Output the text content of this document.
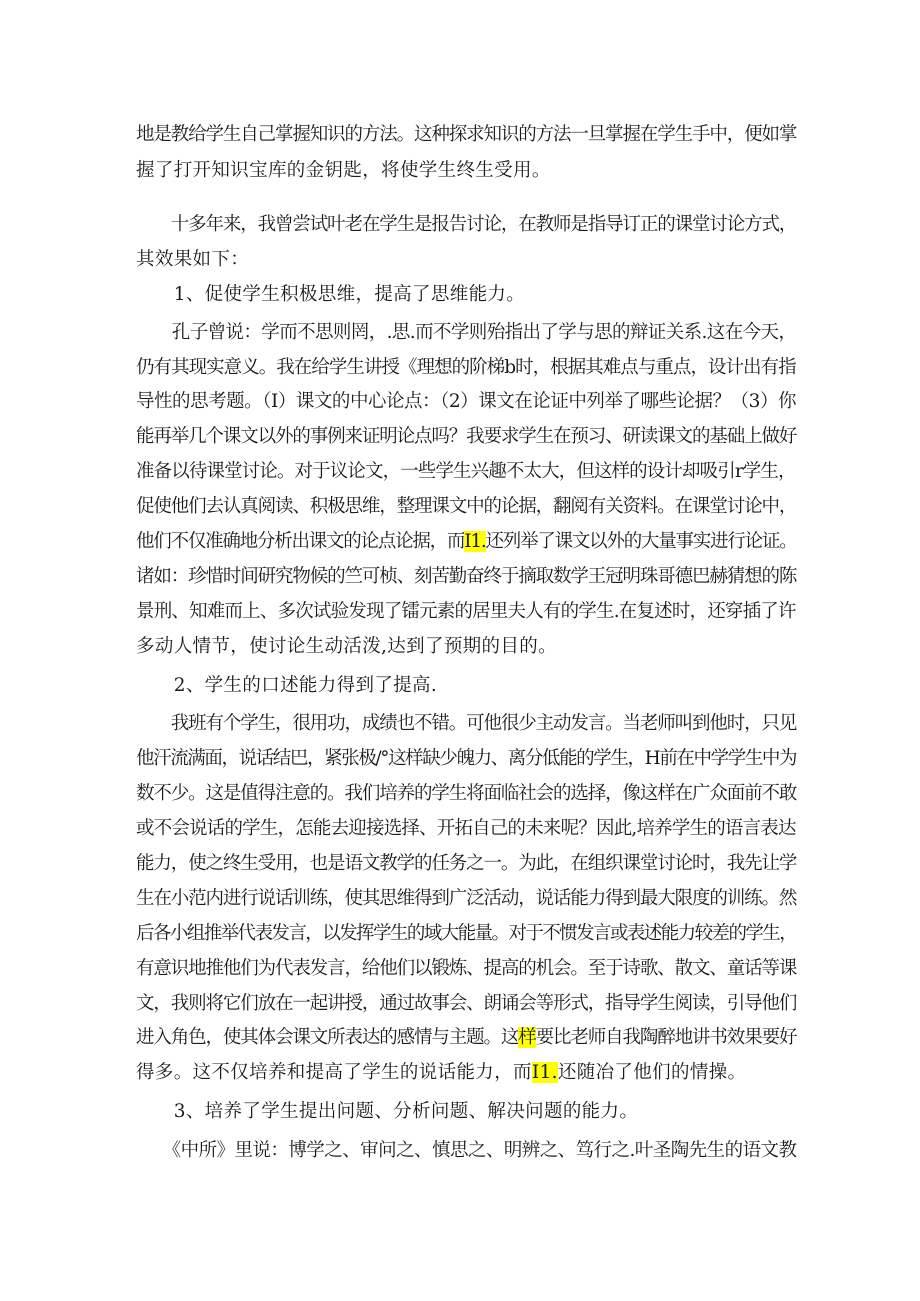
地是教给学生自己掌握知识的方法。这种探求知识的方法一旦掌握在学生手中，便如掌
握了打开知识宝库的金钥匙，将使学生终生受用。
　　十多年来，我曾尝试叶老在学生是报告讨论，在教师是指导订正的课堂讨论方式，
其效果如下：
　　1、促使学生积极思维，提高了思维能力。
　　孔子曾说：学而不思则罔，.思.而不学则殆指出了学与思的辩证关系.这在今天，
仍有其现实意义。我在给学生讲授《理想的阶梯b时，根据其难点与重点，设计出有指
导性的思考题。（I）课文的中心论点：（2）课文在论证中列举了哪些论据？（3）你
能再举几个课文以外的事例来证明论点吗？我要求学生在预习、研读课文的基础上做好
准备以待课堂讨论。对于议论文，一些学生兴趣不太大，但这样的设计却吸引r学生，
促使他们去认真阅读、积极思维，整理课文中的论据，翻阅有关资料。在课堂讨论中，
他们不仅准确地分析出课文的论点论据，而I1.还列举了课文以外的大量事实进行论证。
诸如：珍惜时间研究物候的竺可桢、刻苦勤奋终于摘取数学王冠明珠哥德巴赫猜想的陈
景刑、知难而上、多次试验发现了镭元素的居里夫人有的学生.在复述时，还穿插了许
多动人情节，使讨论生动活泼,达到了预期的目的。
　　2、学生的口述能力得到了提高.
　　我班有个学生，很用功，成绩也不错。可他很少主动发言。当老师叫到他时，只见
他汗流满面，说话结巴，紧张极/°这样缺少魄力、离分低能的学生，H前在中学学生中为
数不少。这是值得注意的。我们培养的学生将面临社会的选择，像这样在广众面前不敢
或不会说话的学生，怎能去迎接选择、开拓自己的未来呢？因此,培养学生的语言表达
能力，使之终生受用，也是语文教学的任务之一。为此，在组织课堂讨论时，我先让学
生在小范内进行说话训练，使其思维得到广泛活动，说话能力得到最大限度的训练。然
后各小组推举代表发言，以发挥学生的域大能量。对于不惯发言或表述能力较差的学生，
有意识地推他们为代表发言，给他们以锻炼、提高的机会。至于诗歌、散文、童话等课
文，我则将它们放在一起讲授，通过故事会、朗诵会等形式，指导学生阅读，引导他们
进入角色，使其体会课文所表达的感情与主题。这样要比老师自我陶醉地讲书效果要好
得多。这不仅培养和提高了学生的说话能力，而I1.还随冶了他们的情操。
　　3、培养了学生提出问题、分析问题、解决问题的能力。
　　《中所》里说：博学之、审问之、慎思之、明辨之、笃行之.叶圣陶先生的语文教
